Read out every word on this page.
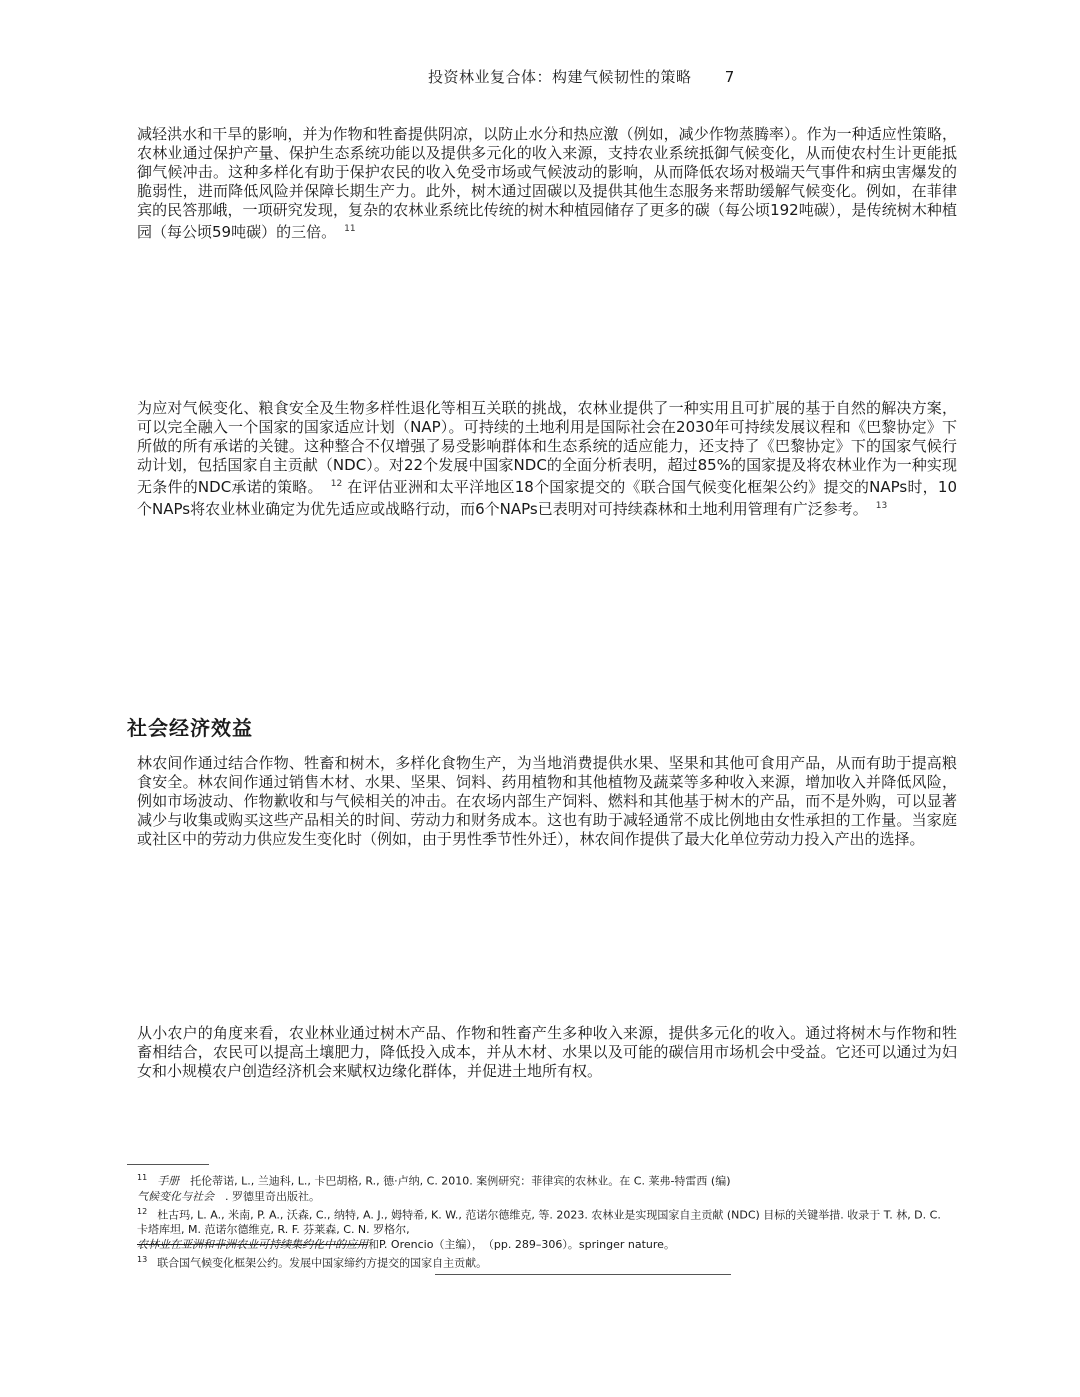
投资林业复合体：构建气候韧性的策略 7

减轻洪水和干旱的影响，并为作物和牲畜提供阴凉，以防止水分和热应激（例如，减少作物蒸腾率）。作为一种适应性策略，农林业通过保护产量、保护生态系统功能以及提供多元化的收入来源，支持农业系统抵御气候变化，从而使农村生计更能抵御气候冲击。这种多样化有助于保护农民的收入免受市场或气候波动的影响，从而降低农场对极端天气事件和病虫害爆发的脆弱性，进而降低风险并保障长期生产力。此外，树木通过固碳以及提供其他生态服务来帮助缓解气候变化。例如，在菲律宾的民答那峨，一项研究发现，复杂的农林业系统比传统的树木种植园储存了更多的碳（每公顷192吨碳），是传统树木种植园（每公顷59吨碳）的三倍。 $^{11}$

为应对气候变化、粮食安全及生物多样性退化等相互关联的挑战，农林业提供了一种实用且可扩展的基于自然的解决方案，可以完全融入一个国家的国家适应计划（NAP）。可持续的土地利用是国际社会在2030年可持续发展议程和《巴黎协定》下所做的所有承诺的关键。这种整合不仅增强了易受影响群体和生态系统的适应能力，还支持了《巴黎协定》下的国家气候行动计划，包括国家自主贡献（NDC）。对22个发展中国家NDC的全面分析表明，超过85%的国家提及将农林业作为一种实现无条件的NDC承诺的策略。 $^{12}$ 在评估亚洲和太平洋地区18个国家提交的《联合国气候变化框架公约》提交的NAPs时，10个NAPs将农业林业确定为优先适应或战略行动，而6个NAPs已表明对可持续森林和土地利用管理有广泛参考。 $^{13}$

社会经济效益

林农间作通过结合作物、牲畜和树木，多样化食物生产，为当地消费提供水果、坚果和其他可食用产品，从而有助于提高粮食安全。林农间作通过销售木材、水果、坚果、饲料、药用植物和其他植物及蔬菜等多种收入来源，增加收入并降低风险，例如市场波动、作物歉收和与气候相关的冲击。在农场内部生产饲料、燃料和其他基于树木的产品，而不是外购，可以显著减少与收集或购买这些产品相关的时间、劳动力和财务成本。这也有助于减轻通常不成比例地由女性承担的工作量。当家庭或社区中的劳动力供应发生变化时（例如，由于男性季节性外迁），林农间作提供了最大化单位劳动力投入产出的选择。

从小农户的角度来看，农业林业通过树木产品、作物和牲畜产生多种收入来源，提供多元化的收入。通过将树木与作物和牲畜相结合，农民可以提高土壤肥力，降低投入成本，并从木材、水果以及可能的碳信用市场机会中受益。它还可以通过为妇女和小规模农户创造经济机会来赋权边缘化群体，并促进土地所有权。

$^{11}$ 手册　 托伦蒂诺, L., 兰迪科, L., 卡巴胡格, R., 德·卢纳, C. 2010. 案例研究：菲律宾的农林业。在 C. 莱弗-特雷西 (编)
气候变化与社会　 . 罗德里奇出版社。
$^{12}$ 杜古玛, L. A., 米南, P. A., 沃森, C., 纳特, A. J., 姆特希, K. W., 范诺尔德维克, 等. 2023. 农林业是实现国家自主贡献 (NDC) 目标的关键举措. 收录于 T. 林, D. C. 卡塔库坦, M. 范诺尔德维克, R. F. 芬莱森, C. N. 罗格尔,
农林业在亚洲和非洲农业可持续集约化中的应用和P. Orencio（主编），　（pp. 289–306）。springer nature。
$^{13}$ 联合国气候变化框架公约。发展中国家缔约方提交的国家自主贡献。
